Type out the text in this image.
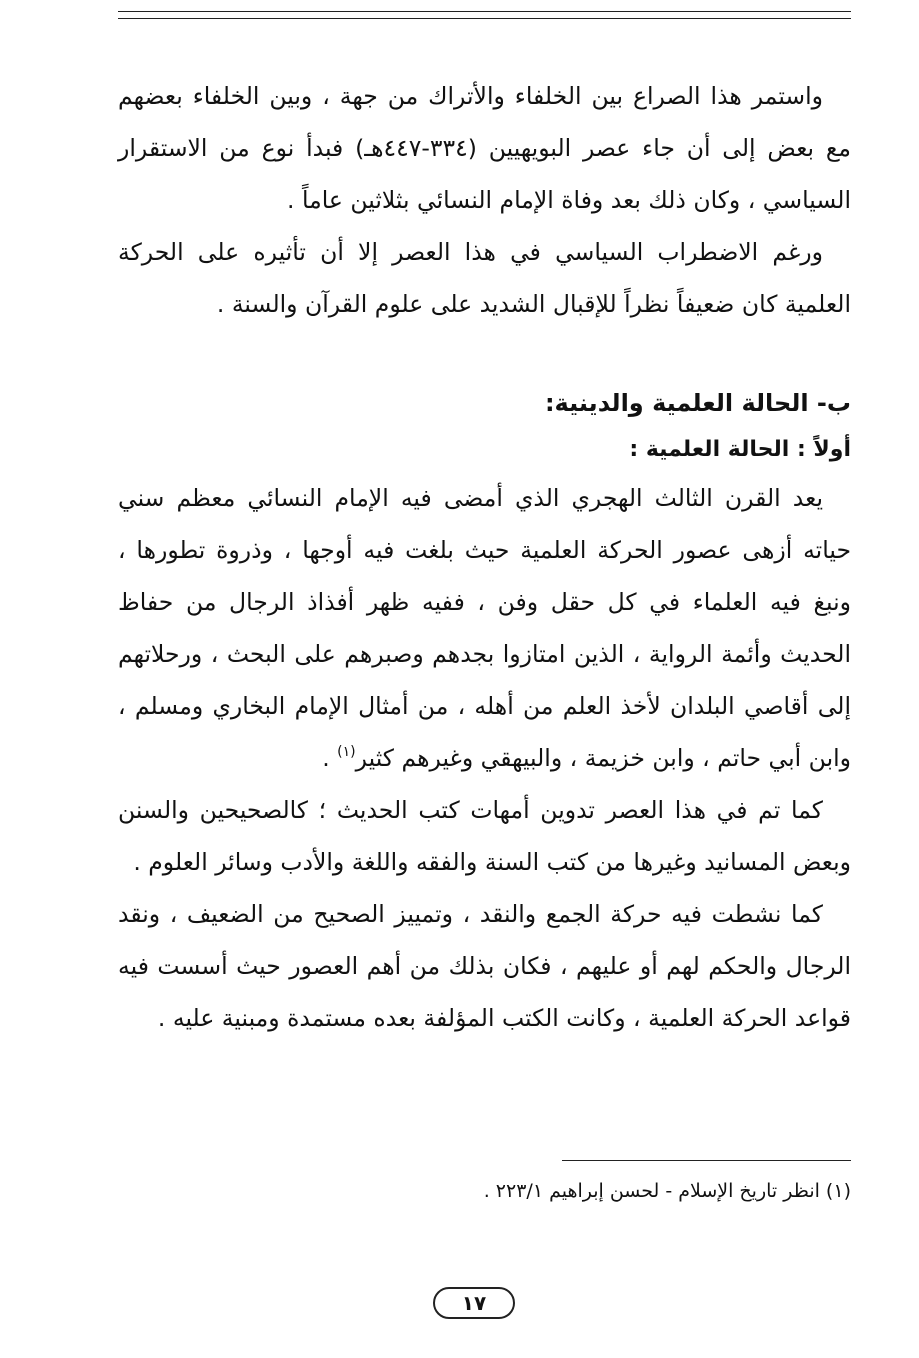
واستمر هذا الصراع بين الخلفاء والأتراك من جهة ، وبين الخلفاء بعضهم مع بعض إلى أن جاء عصر البويهيين (٣٣٤-٤٤٧هـ) فبدأ نوع من الاستقرار السياسي ، وكان ذلك بعد وفاة الإمام النسائي بثلاثين عاماً .

ورغم الاضطراب السياسي في هذا العصر إلا أن تأثيره على الحركة العلمية كان ضعيفاً نظراً للإقبال الشديد على علوم القرآن والسنة .

ب- الحالة العلمية والدينية:

أولاً : الحالة العلمية :

يعد القرن الثالث الهجري الذي أمضى فيه الإمام النسائي معظم سني حياته أزهى عصور الحركة العلمية حيث بلغت فيه أوجها ، وذروة تطورها ، ونبغ فيه العلماء في كل حقل وفن ، ففيه ظهر أفذاذ الرجال من حفاظ الحديث وأئمة الرواية ، الذين امتازوا بجدهم وصبرهم على البحث ، ورحلاتهم إلى أقاصي البلدان لأخذ العلم من أهله ، من أمثال الإمام البخاري ومسلم ، وابن أبي حاتم ، وابن خزيمة ، والبيهقي وغيرهم كثير$^{(١)}$ .

كما تم في هذا العصر تدوين أمهات كتب الحديث ؛ كالصحيحين والسنن وبعض المسانيد وغيرها من كتب السنة والفقه واللغة والأدب وسائر العلوم .

كما نشطت فيه حركة الجمع والنقد ، وتمييز الصحيح من الضعيف ، ونقد الرجال والحكم لهم أو عليهم ، فكان بذلك من أهم العصور حيث أسست فيه قواعد الحركة العلمية ، وكانت الكتب المؤلفة بعده مستمدة ومبنية عليه .

(١) انظر تاريخ الإسلام - لحسن إبراهيم ٢٢٣/١ .
١٧
